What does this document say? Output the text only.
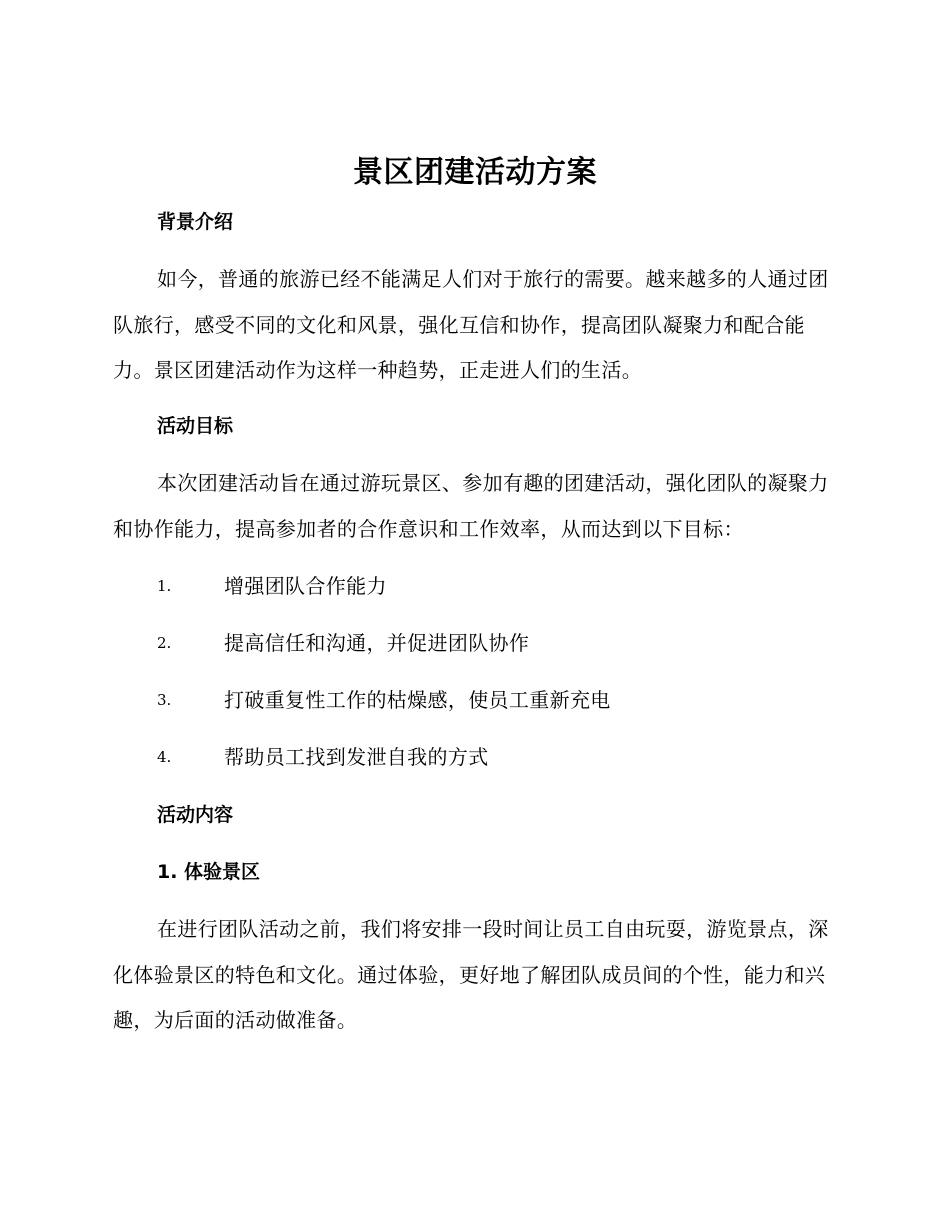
景区团建活动方案
背景介绍
如今，普通的旅游已经不能满足人们对于旅行的需要。越来越多的人通过团队旅行，感受不同的文化和风景，强化互信和协作，提高团队凝聚力和配合能力。景区团建活动作为这样一种趋势，正走进人们的生活。
活动目标
本次团建活动旨在通过游玩景区、参加有趣的团建活动，强化团队的凝聚力和协作能力，提高参加者的合作意识和工作效率，从而达到以下目标：
1.	增强团队合作能力
2.	提高信任和沟通，并促进团队协作
3.	打破重复性工作的枯燥感，使员工重新充电
4.	帮助员工找到发泄自我的方式
活动内容
1. 体验景区
在进行团队活动之前，我们将安排一段时间让员工自由玩耍，游览景点，深化体验景区的特色和文化。通过体验，更好地了解团队成员间的个性，能力和兴趣，为后面的活动做准备。
